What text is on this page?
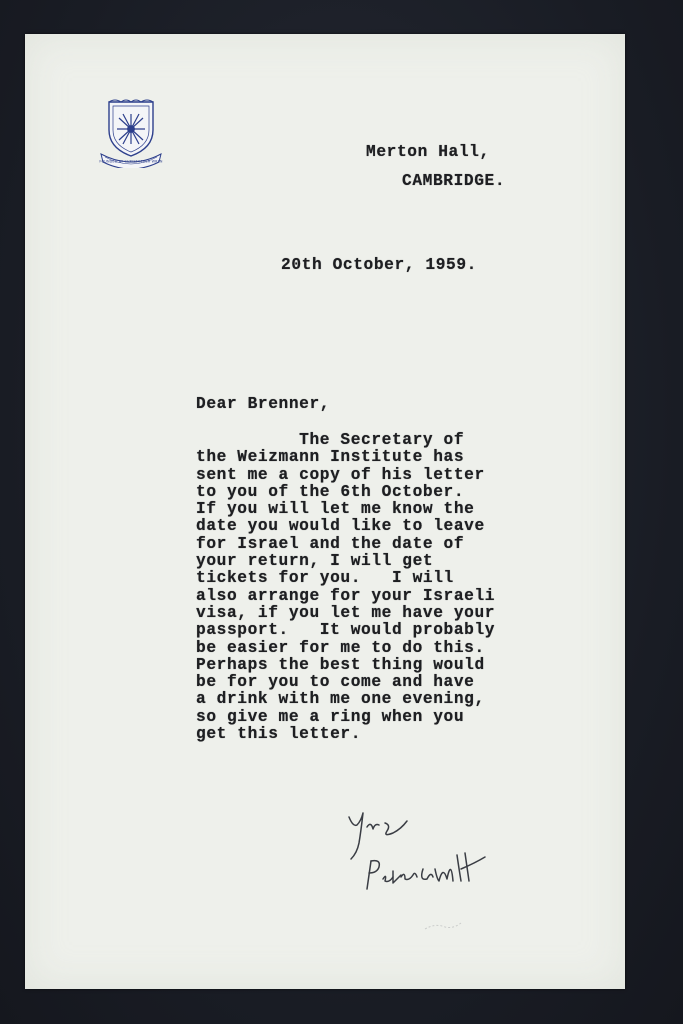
FOUNDED BY CHRISTOPHER WREN
Merton Hall,
CAMBRIDGE.
20th October, 1959.
Dear Brenner,
The Secretary of
the Weizmann Institute has
sent me a copy of his letter
to you of the 6th October.
If you will let me know the
date you would like to leave
for Israel and the date of
your return, I will get
tickets for you.   I will
also arrange for your Israeli
visa, if you let me have your
passport.   It would probably
be easier for me to do this.
Perhaps the best thing would
be for you to come and have
a drink with me one evening,
so give me a ring when you
get this letter.
